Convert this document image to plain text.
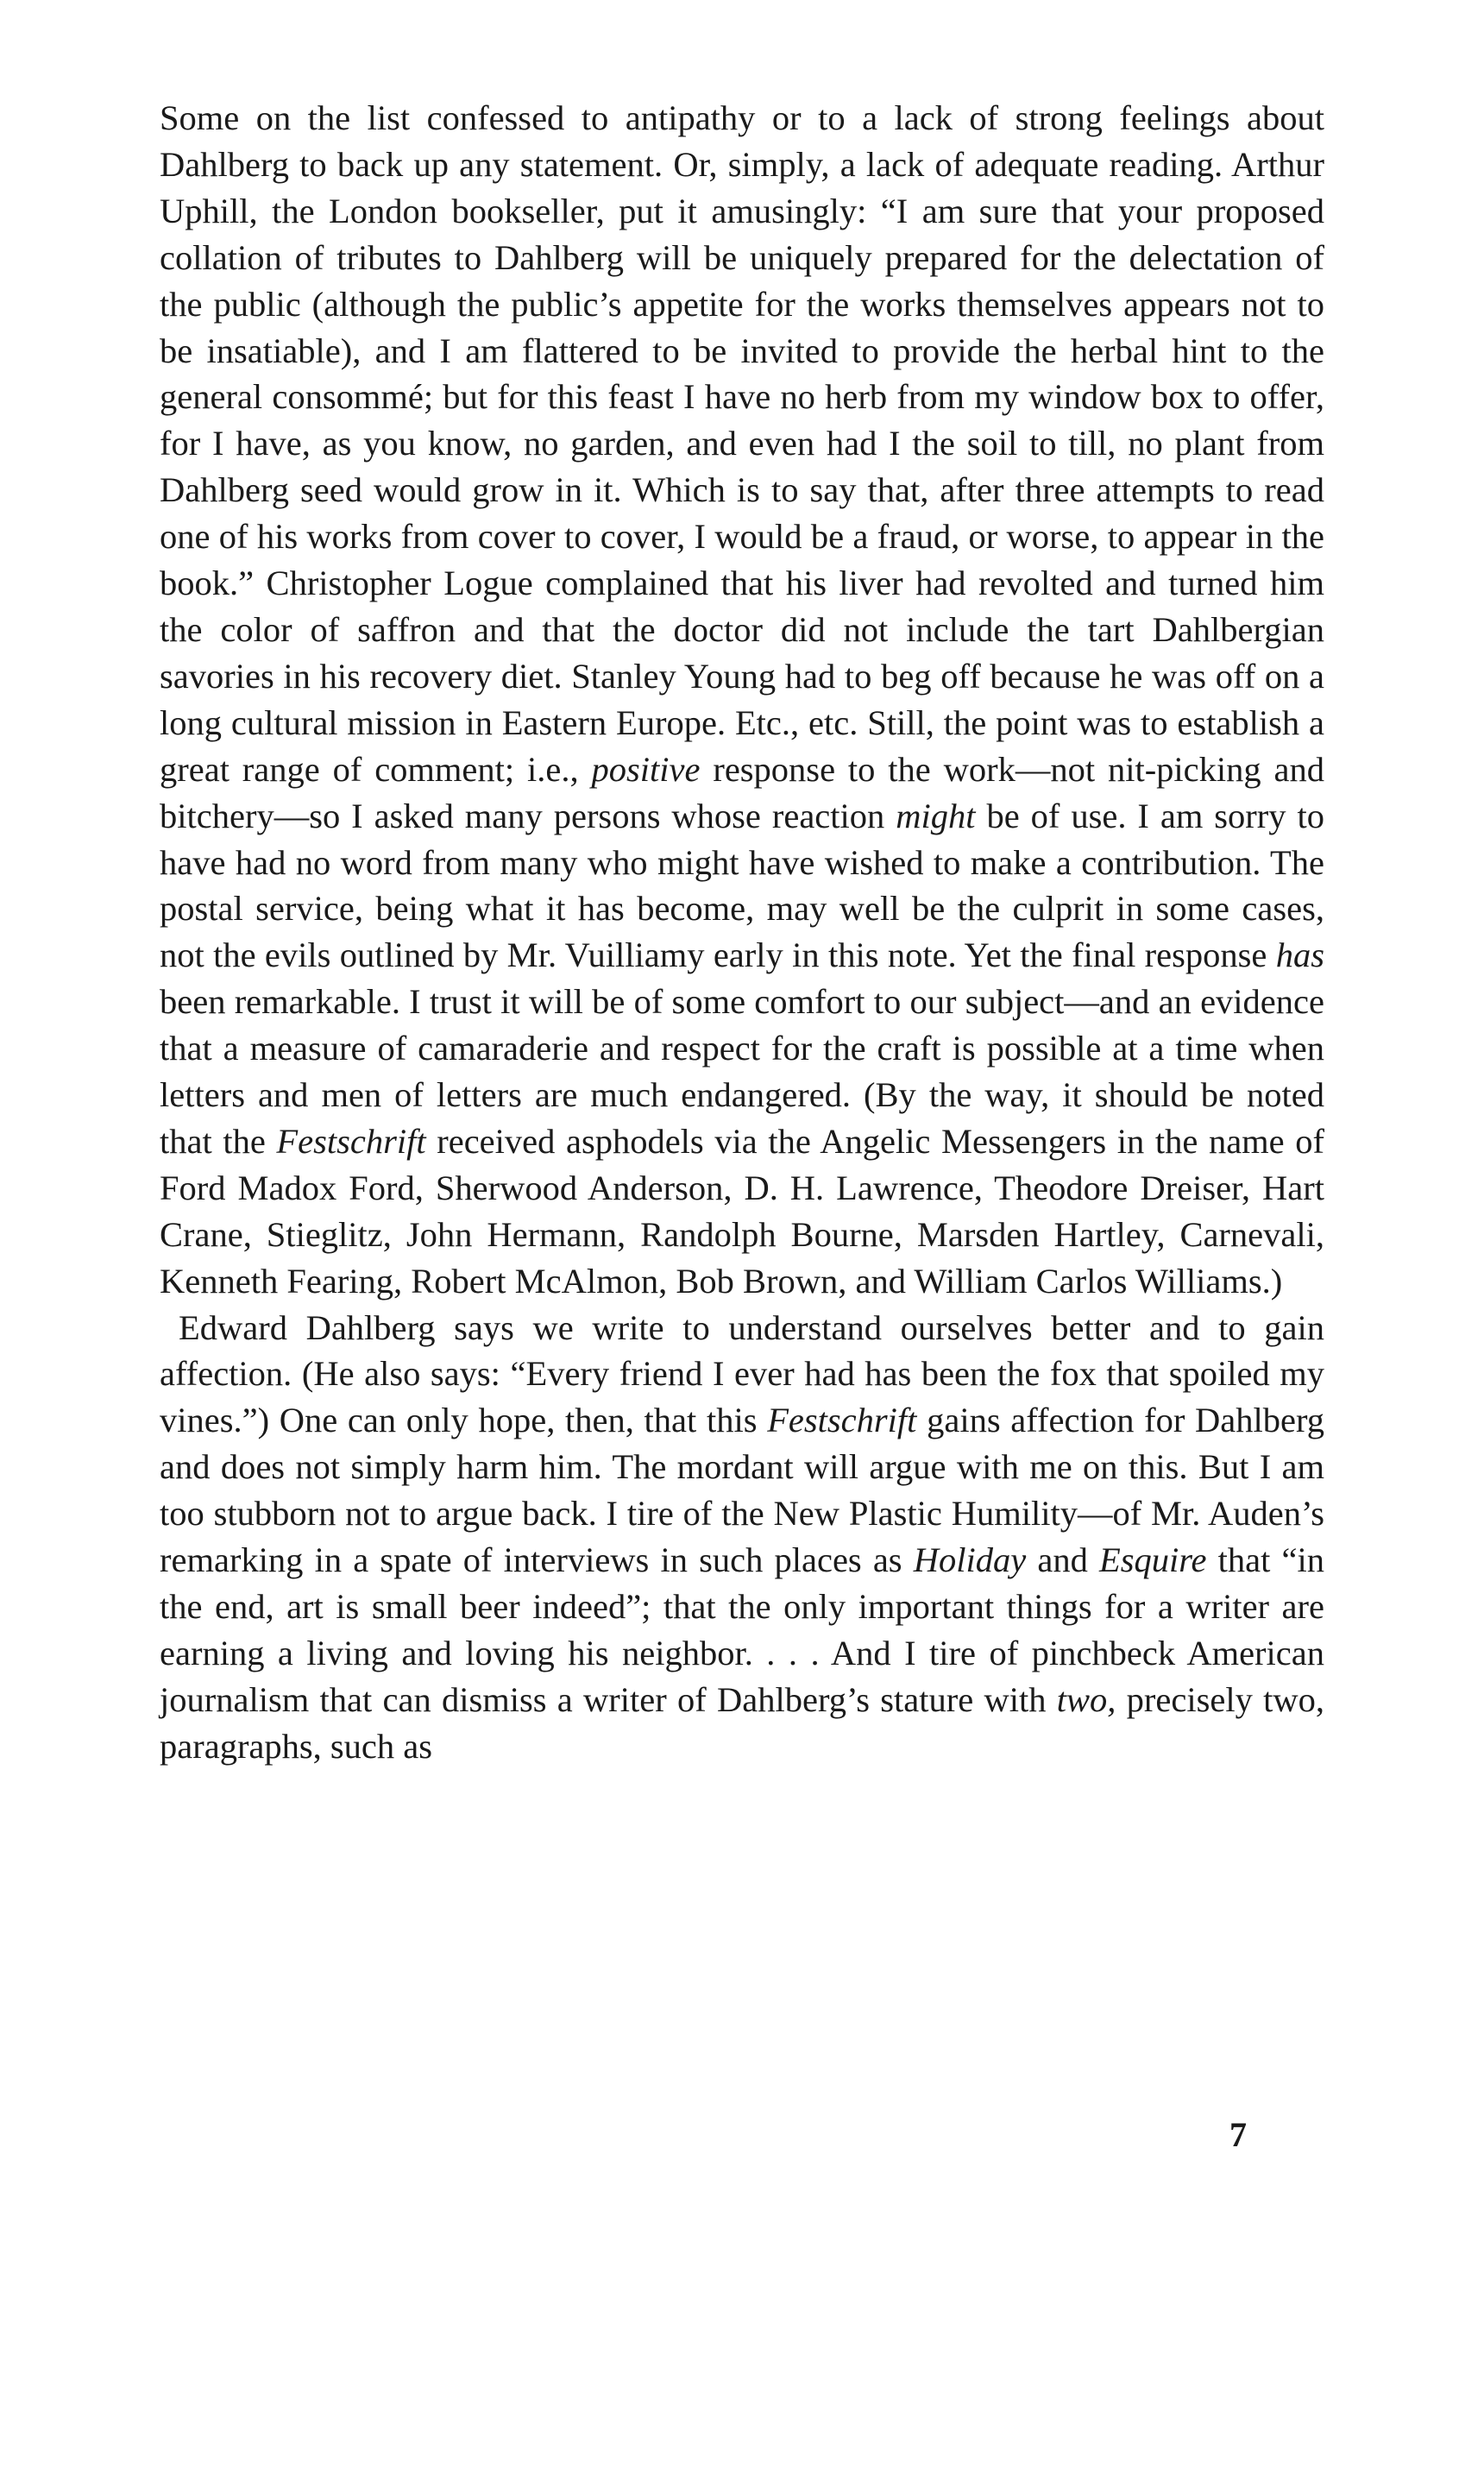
Some on the list confessed to antipathy or to a lack of strong feelings about Dahlberg to back up any statement. Or, simply, a lack of adequate reading. Arthur Uphill, the London bookseller, put it amusingly: “I am sure that your proposed collation of tributes to Dahlberg will be uniquely prepared for the delectation of the public (although the public’s appetite for the works themselves appears not to be insatiable), and I am flattered to be invited to provide the herbal hint to the general consommé; but for this feast I have no herb from my window box to offer, for I have, as you know, no garden, and even had I the soil to till, no plant from Dahlberg seed would grow in it. Which is to say that, after three attempts to read one of his works from cover to cover, I would be a fraud, or worse, to appear in the book.” Christopher Logue complained that his liver had revolted and turned him the color of saffron and that the doctor did not include the tart Dahlbergian savories in his recovery diet. Stanley Young had to beg off because he was off on a long cultural mission in Eastern Europe. Etc., etc. Still, the point was to establish a great range of comment; i.e., positive response to the work—not nit-picking and bitchery—so I asked many persons whose reaction might be of use. I am sorry to have had no word from many who might have wished to make a contribution. The postal service, being what it has become, may well be the culprit in some cases, not the evils outlined by Mr. Vuilliamy early in this note. Yet the final response has been remarkable. I trust it will be of some comfort to our subject—and an evidence that a measure of camaraderie and respect for the craft is possible at a time when letters and men of letters are much endangered. (By the way, it should be noted that the Festschrift received asphodels via the Angelic Messengers in the name of Ford Madox Ford, Sherwood Anderson, D. H. Lawrence, Theodore Dreiser, Hart Crane, Stieglitz, John Hermann, Randolph Bourne, Marsden Hartley, Carnevali, Kenneth Fearing, Robert McAlmon, Bob Brown, and William Carlos Williams.)

Edward Dahlberg says we write to understand ourselves better and to gain affection. (He also says: “Every friend I ever had has been the fox that spoiled my vines.”) One can only hope, then, that this Festschrift gains affection for Dahlberg and does not simply harm him. The mordant will argue with me on this. But I am too stubborn not to argue back. I tire of the New Plastic Humility—of Mr. Auden’s remarking in a spate of interviews in such places as Holiday and Esquire that “in the end, art is small beer indeed”; that the only important things for a writer are earning a living and loving his neighbor. . . . And I tire of pinchbeck American journalism that can dismiss a writer of Dahlberg’s stature with two, precisely two, paragraphs, such as

7
